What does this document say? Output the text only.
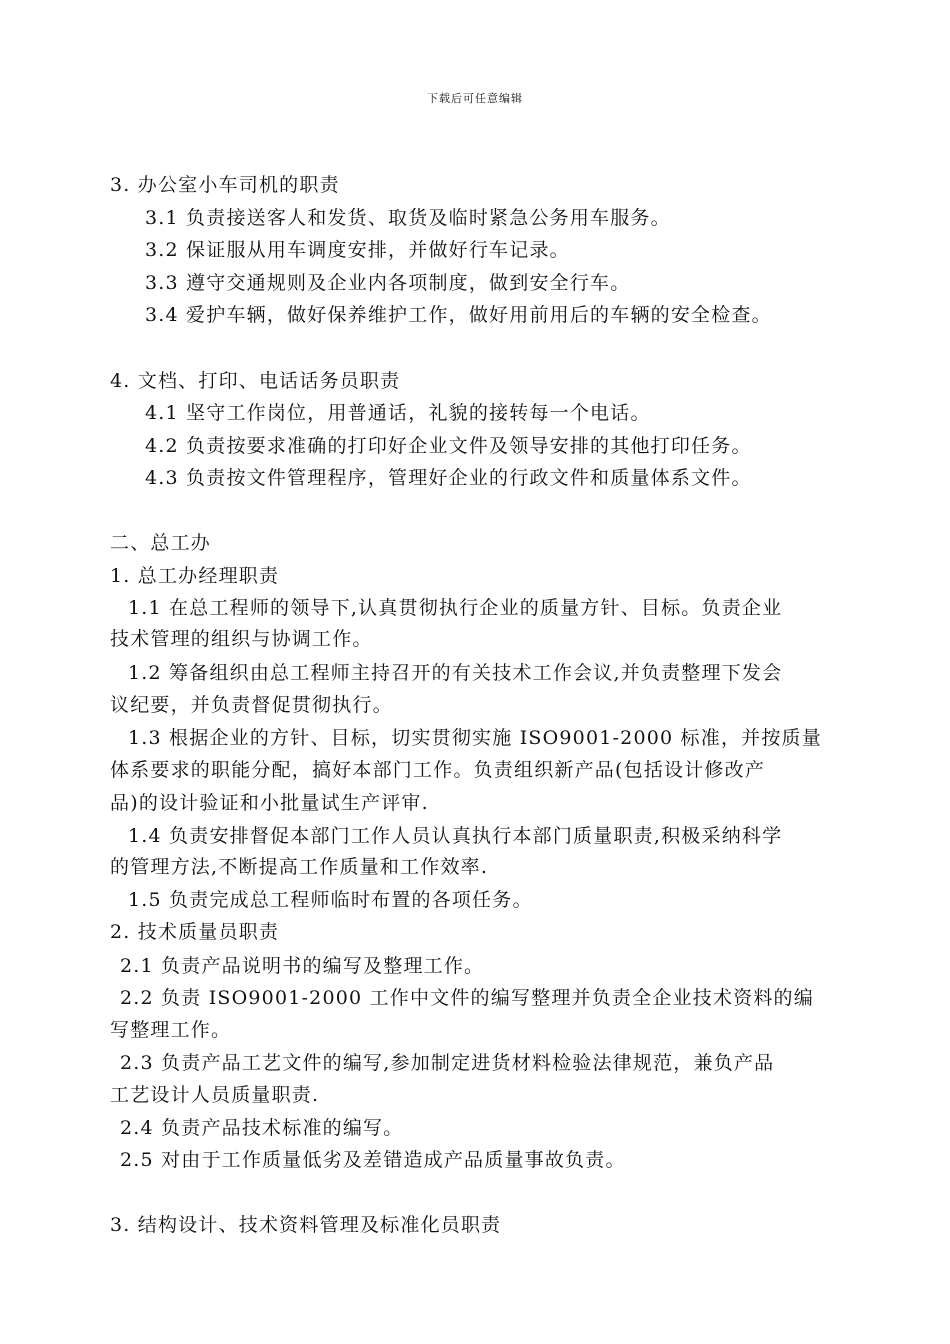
下载后可任意编辑
3. 办公室小车司机的职责
3.1 负责接送客人和发货、取货及临时紧急公务用车服务。
3.2 保证服从用车调度安排，并做好行车记录。
3.3 遵守交通规则及企业内各项制度，做到安全行车。
3.4 爱护车辆，做好保养维护工作，做好用前用后的车辆的安全检查。
4. 文档、打印、电话话务员职责
4.1 坚守工作岗位，用普通话，礼貌的接转每一个电话。
4.2 负责按要求准确的打印好企业文件及领导安排的其他打印任务。
4.3 负责按文件管理程序，管理好企业的行政文件和质量体系文件。
二、总工办
1. 总工办经理职责
1.1 在总工程师的领导下,认真贯彻执行企业的质量方针、目标。负责企业
技术管理的组织与协调工作。
1.2 筹备组织由总工程师主持召开的有关技术工作会议,并负责整理下发会
议纪要，并负责督促贯彻执行。
1.3 根据企业的方针、目标，切实贯彻实施 ISO9001-2000 标准，并按质量
体系要求的职能分配，搞好本部门工作。负责组织新产品(包括设计修改产
品)的设计验证和小批量试生产评审.
1.4 负责安排督促本部门工作人员认真执行本部门质量职责,积极采纳科学
的管理方法,不断提高工作质量和工作效率.
1.5 负责完成总工程师临时布置的各项任务。
2. 技术质量员职责
2.1 负责产品说明书的编写及整理工作。
2.2 负责 ISO9001-2000 工作中文件的编写整理并负责全企业技术资料的编
写整理工作。
2.3 负责产品工艺文件的编写,参加制定进货材料检验法律规范，兼负产品
工艺设计人员质量职责.
2.4 负责产品技术标准的编写。
2.5 对由于工作质量低劣及差错造成产品质量事故负责。
3. 结构设计、技术资料管理及标准化员职责
